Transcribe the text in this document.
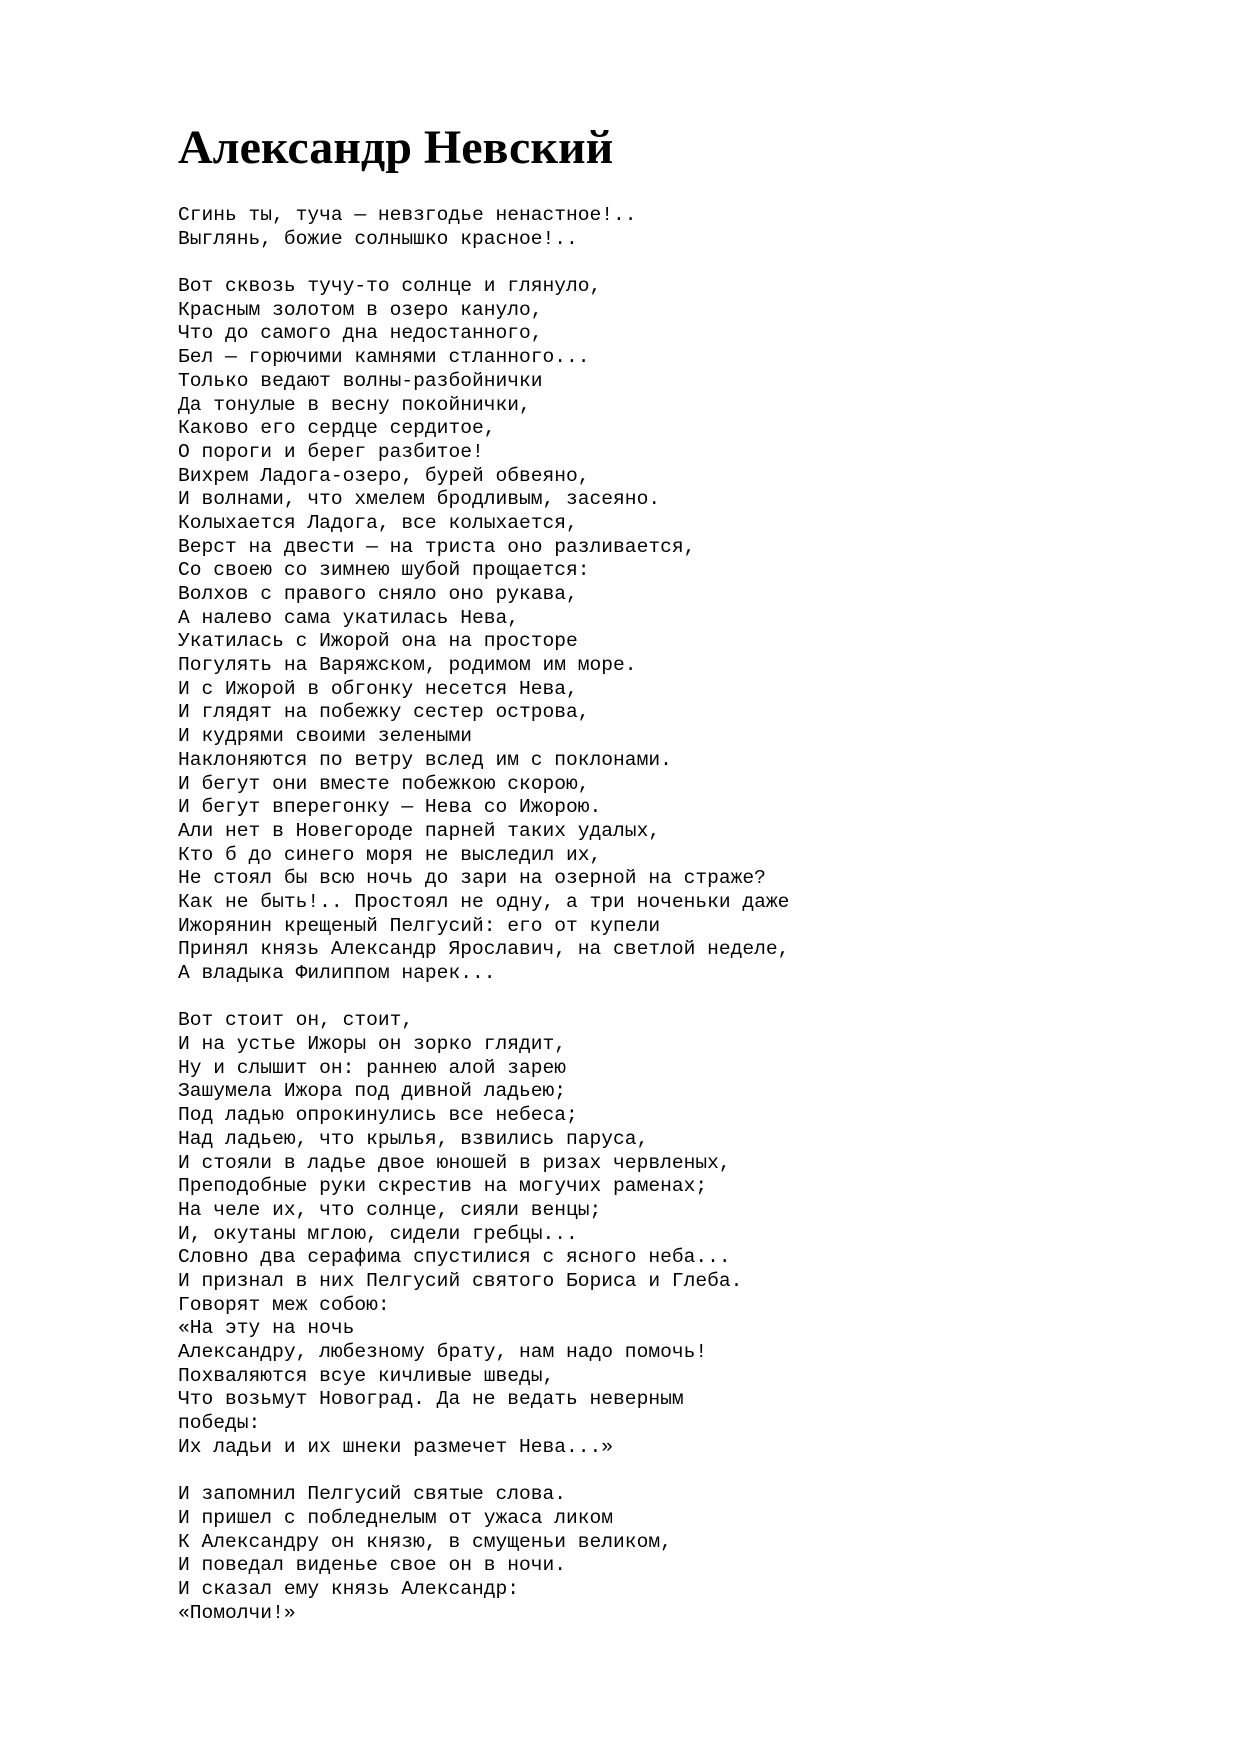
Александр Невский
Сгинь ты, туча — невзгодье ненастное!..
Выглянь, божие солнышко красное!..
Вот сквозь тучу-то солнце и глянуло,
Красным золотом в озеро кануло,
Что до самого дна недостанного,
Бел — горючими камнями стланного...
Только ведают волны-разбойнички
Да тонулые в весну покойнички,
Каково его сердце сердитое,
О пороги и берег разбитое!
Вихрем Ладога-озеро, бурей обвеяно,
И волнами, что хмелем бродливым, засеяно.
Колыхается Ладога, все колыхается,
Верст на двести — на триста оно разливается,
Со своею со зимнею шубой прощается:
Волхов с правого сняло оно рукава,
А налево сама укатилась Нева,
Укатилась с Ижорой она на просторе
Погулять на Варяжском, родимом им море.
И с Ижорой в обгонку несется Нева,
И глядят на побежку сестер острова,
И кудрями своими зелеными
Наклоняются по ветру вслед им с поклонами.
И бегут они вместе побежкою скорою,
И бегут вперегонку — Нева со Ижорою.
Али нет в Новегороде парней таких удалых,
Кто б до синего моря не выследил их,
Не стоял бы всю ночь до зари на озерной на страже?
Как не быть!.. Простоял не одну, а три ноченьки даже
Ижорянин крещеный Пелгусий: его от купели
Принял князь Александр Ярославич, на светлой неделе,
А владыка Филиппом нарек...
Вот стоит он, стоит,
И на устье Ижоры он зорко глядит,
Ну и слышит он: раннею алой зарею
Зашумела Ижора под дивной ладьею;
Под ладью опрокинулись все небеса;
Над ладьею, что крылья, взвились паруса,
И стояли в ладье двое юношей в ризах червленых,
Преподобные руки скрестив на могучих раменах;
На челе их, что солнце, сияли венцы;
И, окутаны мглою, сидели гребцы...
Словно два серафима спустилися с ясного неба...
И признал в них Пелгусий святого Бориса и Глеба.
Говорят меж собою:
«На эту на ночь
Александру, любезному брату, нам надо помочь!
Похваляются всуе кичливые шведы,
Что возьмут Новоград. Да не ведать неверным
победы:
Их ладьи и их шнеки размечет Нева...»
И запомнил Пелгусий святые слова.
И пришел с побледнелым от ужаса ликом
К Александру он князю, в смущеньи великом,
И поведал виденье свое он в ночи.
И сказал ему князь Александр:
«Помолчи!»
